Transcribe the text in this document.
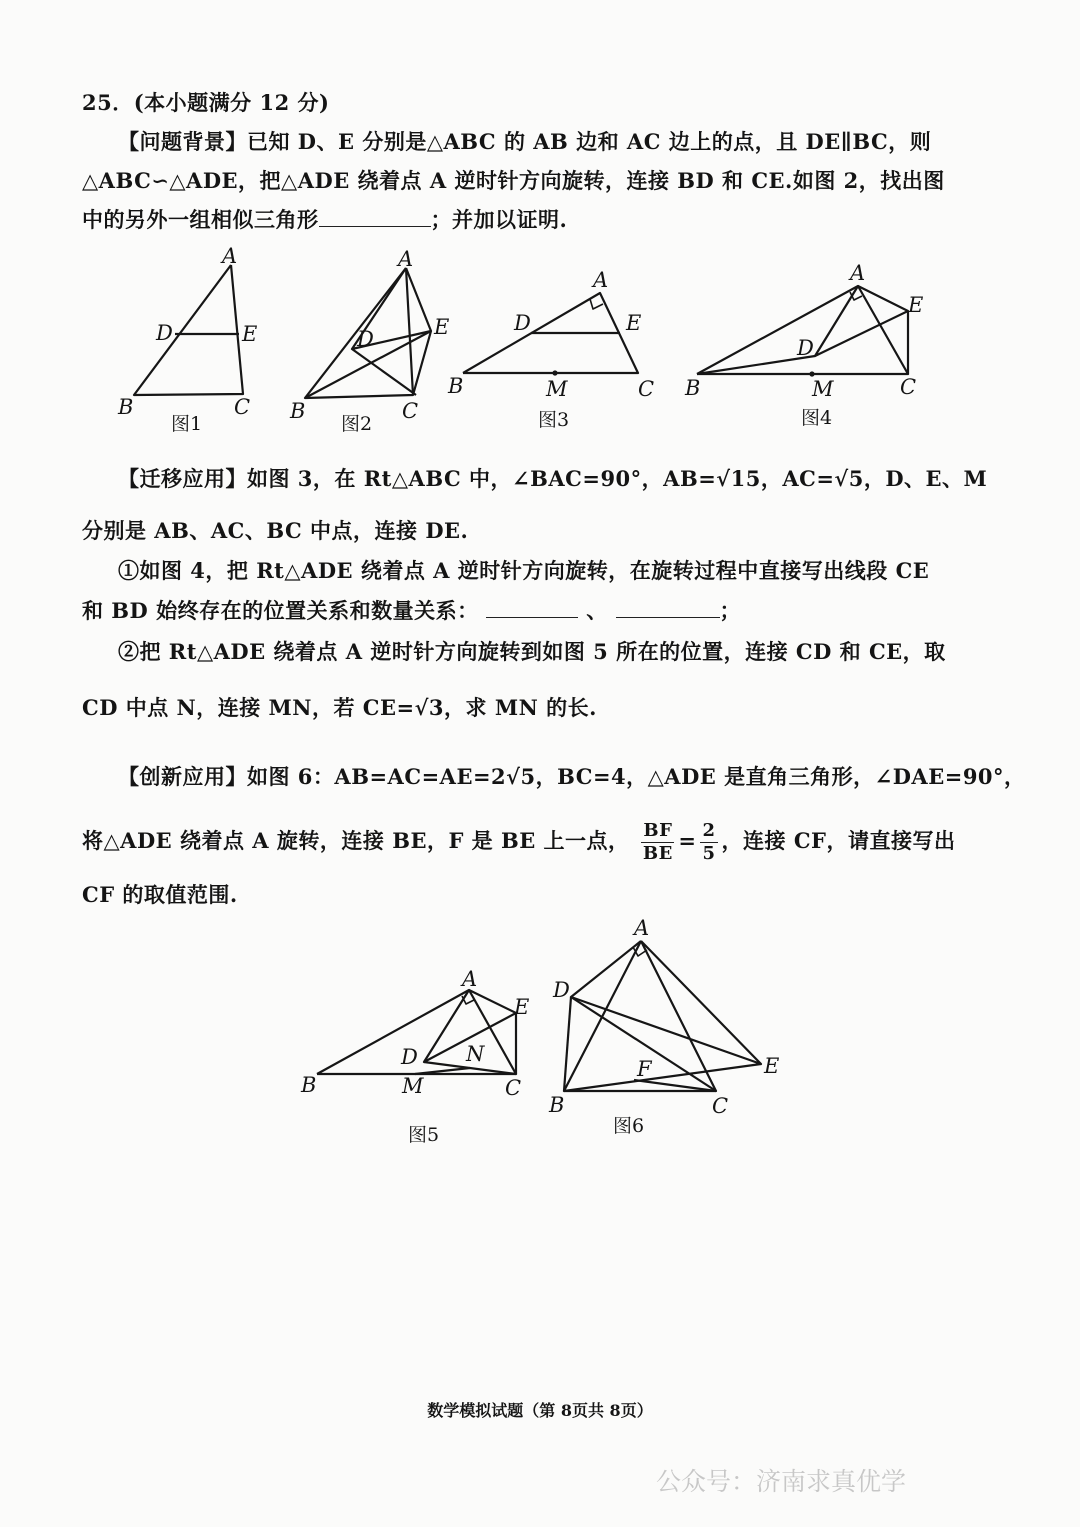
25．(本小题满分 12 分)
【问题背景】已知 D、E 分别是△ABC 的 AB 边和 AC 边上的点，且 DE∥BC，则
△ABC∽△ADE，把△ADE 绕着点 A 逆时针方向旋转，连接 BD 和 CE.如图 2，找出图
中的另外一组相似三角形	；并加以证明.
【迁移应用】如图 3，在 Rt△ABC 中，∠BAC=90°，AB=√15，AC=√5，D、E、M
分别是 AB、AC、BC 中点，连接 DE.
①如图 4，把 Rt△ADE 绕着点 A 逆时针方向旋转，在旋转过程中直接写出线段 CE
和 BD 始终存在的位置关系和数量关系：	、	；
②把 Rt△ADE 绕着点 A 逆时针方向旋转到如图 5 所在的位置，连接 CD 和 CE，取
CD 中点 N，连接 MN，若 CE=√3，求 MN 的长.
【创新应用】如图 6：AB=AC=AE=2√5，BC=4，△ADE 是直角三角形，∠DAE=90°，
将△ADE 绕着点 A 旋转，连接 BE，F 是 BE 上一点， $\frac{BF}{BE} = \frac{2}{5}$ ，连接 CF，请直接写出
CF 的取值范围.
A
D	E
B	C
图1
A
D	E
B	C
图2
A
D	E
B	M	C
图3
A
D
E
B	M	C
图4
A
D
E
N
B	M	C
图5
A
D
E
F
B	C
图6
数学模拟试题（第 8页共 8页）
公众号：济南求真优学
